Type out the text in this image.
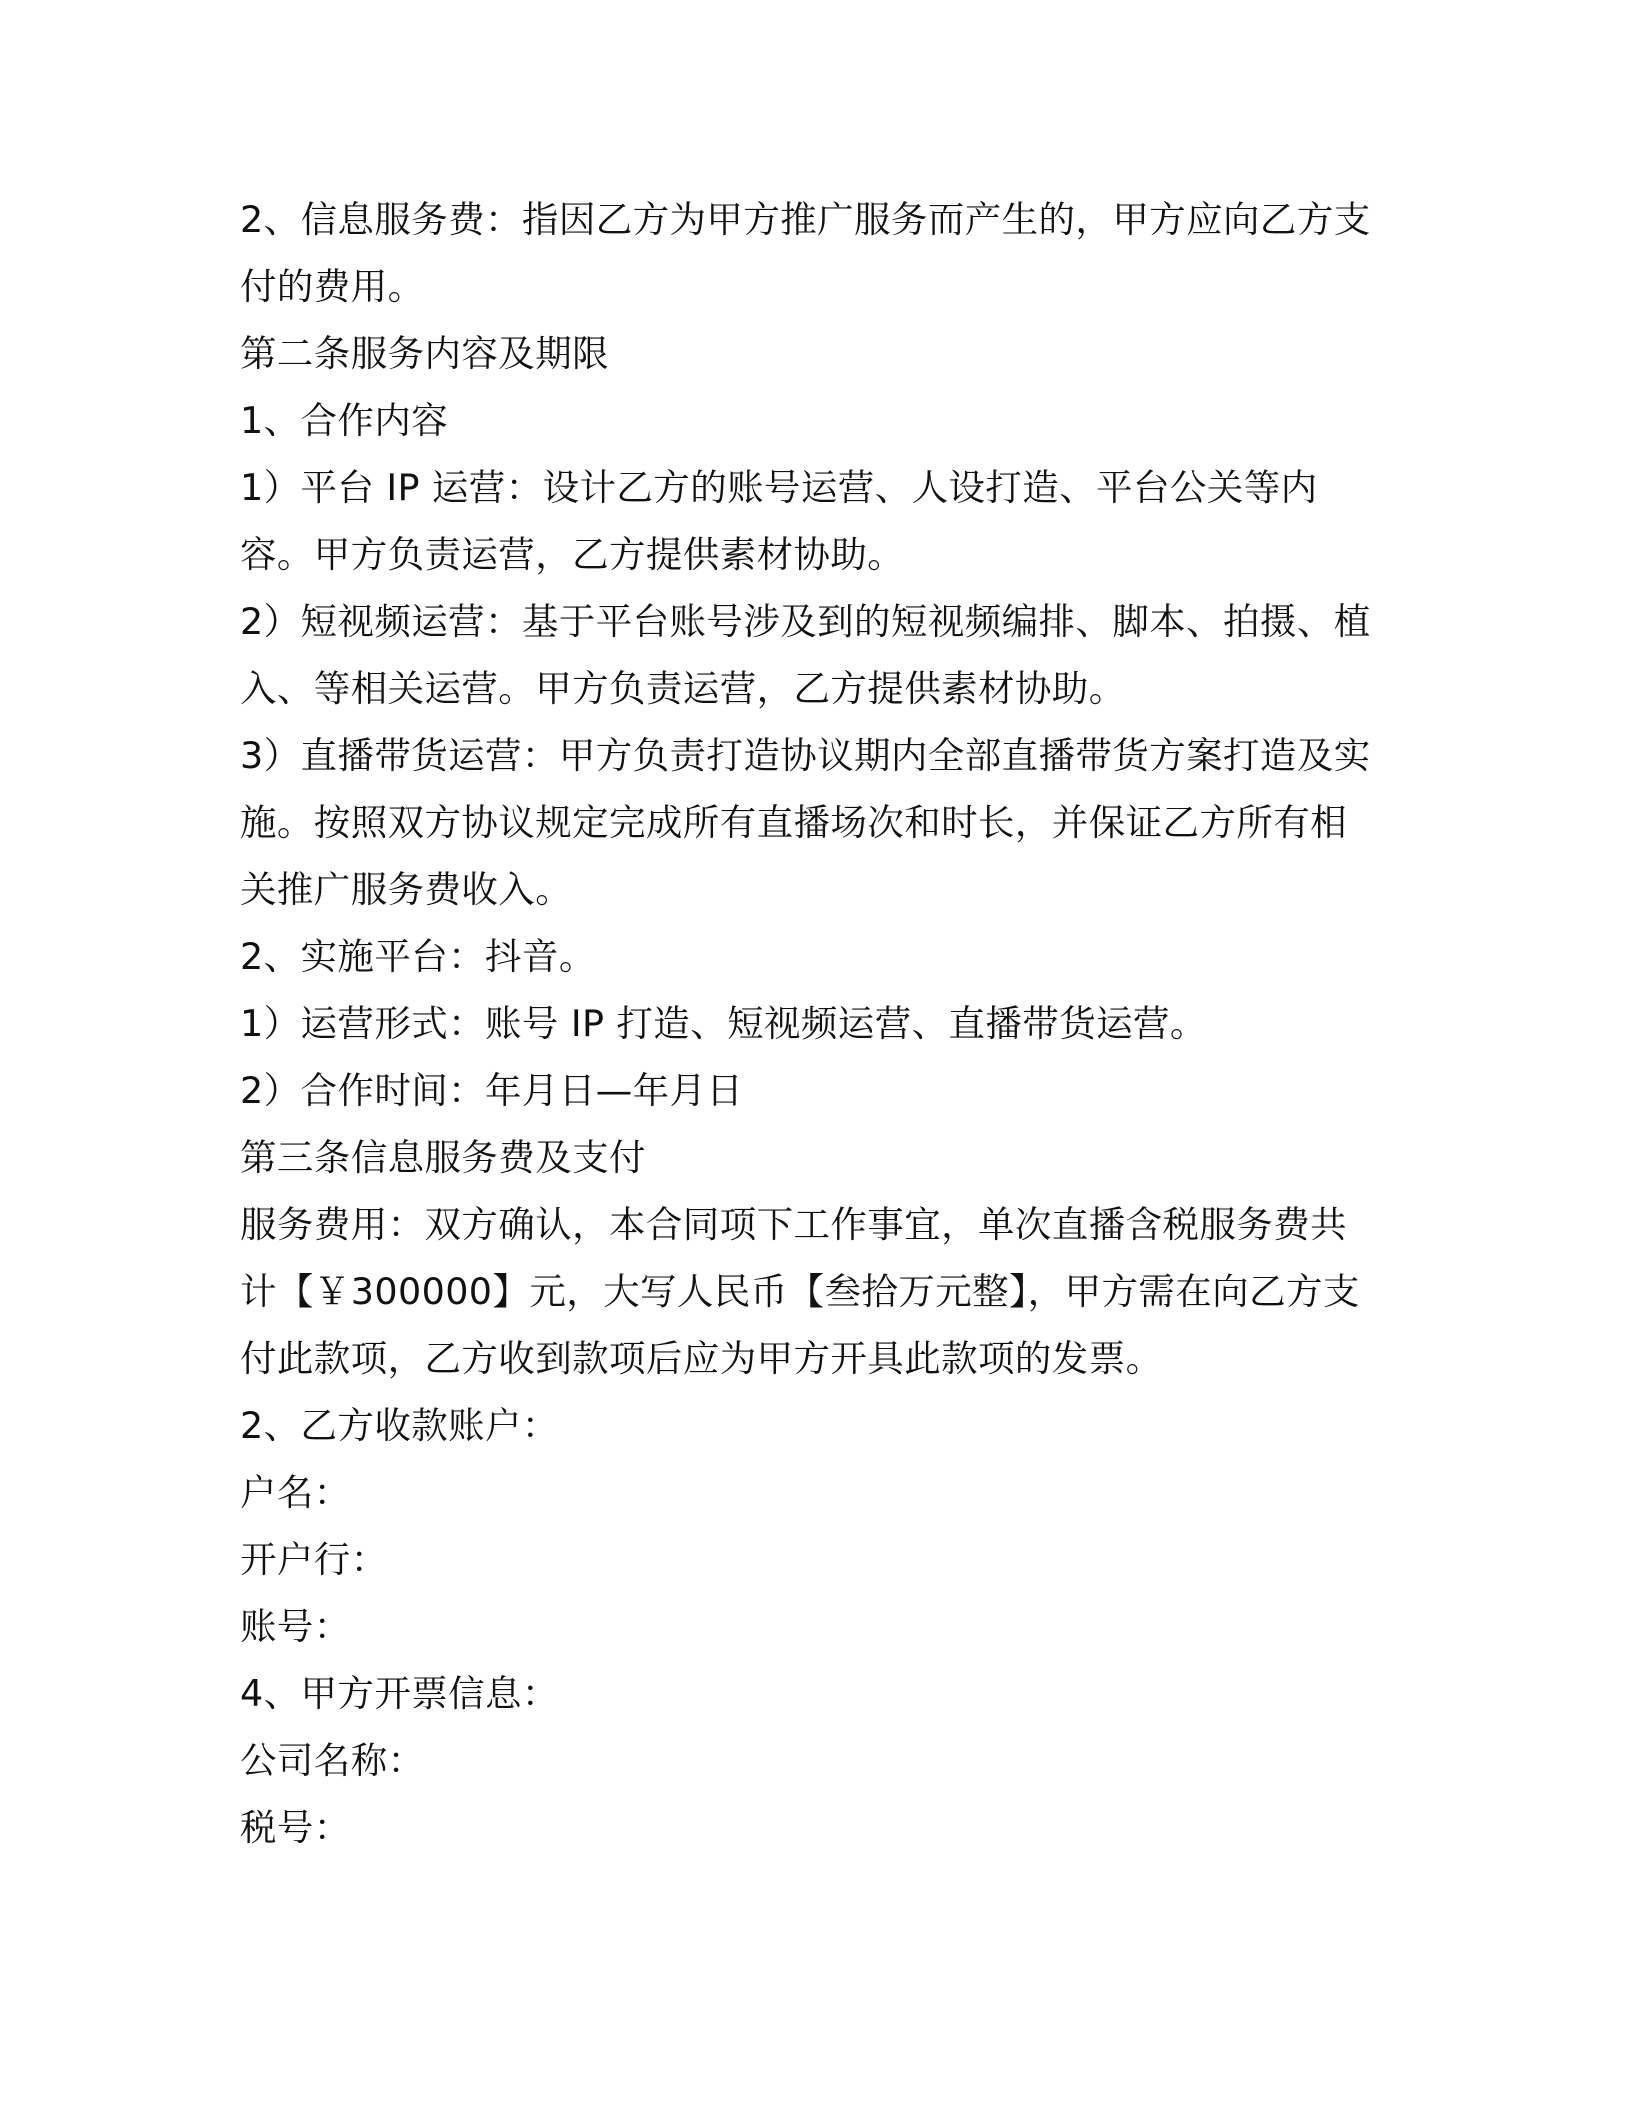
2、信息服务费：指因乙方为甲方推广服务而产生的，甲方应向乙方支
付的费用。
第二条服务内容及期限
1、合作内容
1）平台 IP 运营：设计乙方的账号运营、人设打造、平台公关等内
容。甲方负责运营，乙方提供素材协助。
2）短视频运营：基于平台账号涉及到的短视频编排、脚本、拍摄、植
入、等相关运营。甲方负责运营，乙方提供素材协助。
3）直播带货运营：甲方负责打造协议期内全部直播带货方案打造及实
施。按照双方协议规定完成所有直播场次和时长，并保证乙方所有相
关推广服务费收入。
2、实施平台：抖音。
1）运营形式：账号 IP 打造、短视频运营、直播带货运营。
2）合作时间：年月日—年月日
第三条信息服务费及支付
服务费用：双方确认，本合同项下工作事宜，单次直播含税服务费共
计【￥300000】元，大写人民币【叁拾万元整】，甲方需在向乙方支
付此款项，乙方收到款项后应为甲方开具此款项的发票。
2、乙方收款账户：
户名：
开户行：
账号：
4、甲方开票信息：
公司名称：
税号：
